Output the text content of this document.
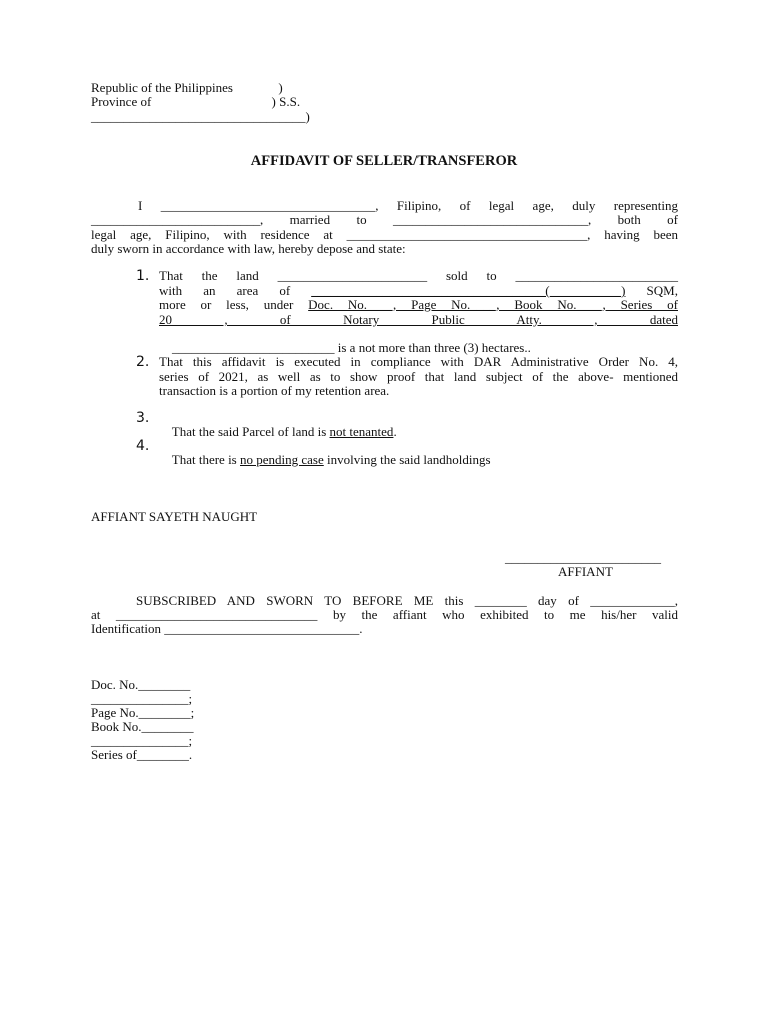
Republic of the Philippines              )
Province of                                     ) S.S.
_________________________________)
AFFIDAVIT OF SELLER/TRANSFEROR
I _________________________________, Filipino, of legal age, duly representing
__________________________, married to ______________________________, both of
legal age, Filipino, with residence at _____________________________________, having been
duly sworn in accordance with law, hereby depose and state:
1. That the land _______________________ sold to _________________________
with an area of ____________________________________(___________) SQM,
more or less, under Doc. No.____, Page No.____, Book No.____, Series of
20 , of Notary Public Atty. , dated

_________________________ is a not more than three (3) hectares..

2. That this affidavit is executed in compliance with DAR Administrative Order No. 4,
series of 2021, as well as to show proof that land subject of the above- mentioned
transaction is a portion of my retention area.
3.

That the said Parcel of land is not tenanted.

4.

That there is no pending case involving the said landholdings

AFFIANT SAYETH NAUGHT
________________________
AFFIANT
SUBSCRIBED AND SWORN TO BEFORE ME this ________ day of _____________,
at _______________________________ by the affiant who exhibited to me his/her valid
Identification ______________________________.
Doc. No.________
_______________;
Page No.________;
Book No.________
_______________;
Series of________.
